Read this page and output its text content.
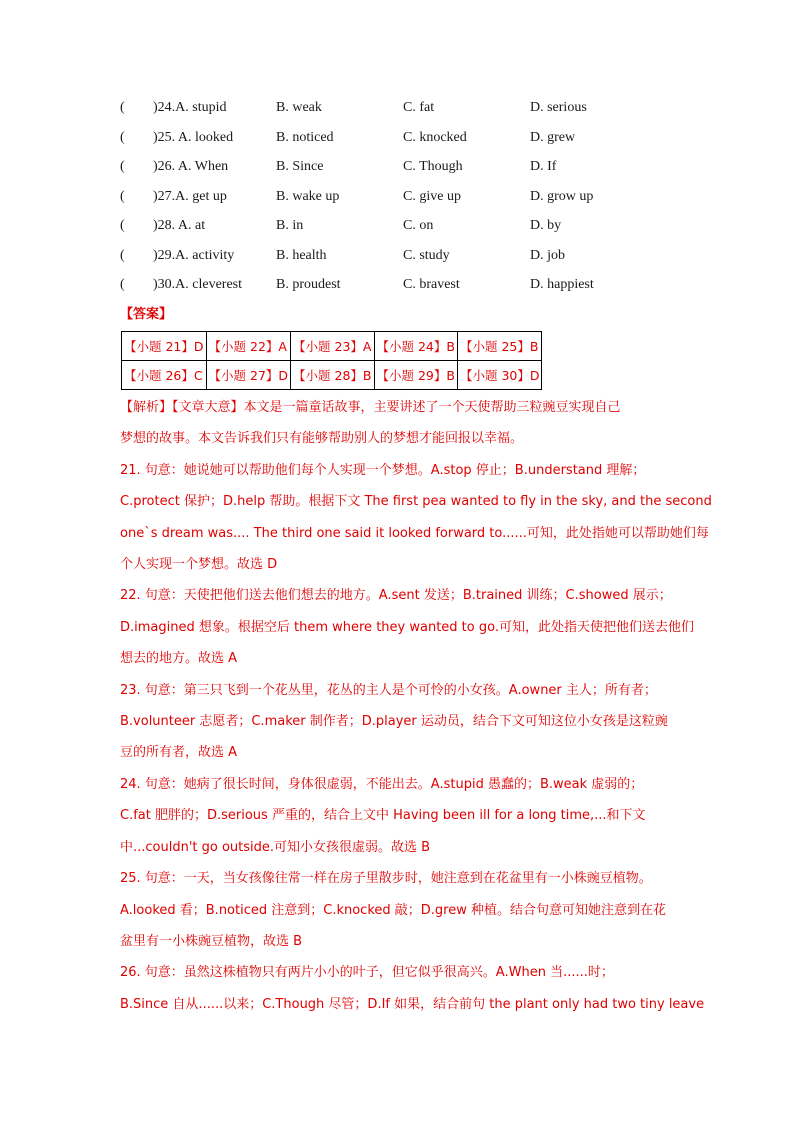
( )24.A. stupid	B. weak	C. fat	D. serious
( )25. A. looked	B. noticed	C. knocked	D. grew
( )26. A. When	B. Since	C. Though	D. If
( )27.A. get up	B. wake up	C. give up	D. grow up
( )28. A. at	B. in	C. on	D. by
( )29.A. activity	B. health	C. study	D. job
( )30.A. cleverest B. proudest	C. bravest	D. happiest
【答案】
【小题 21】D	【小题 22】A	【小题 23】A	【小题 24】B	【小题 25】B
【小题 26】C	【小题 27】D	【小题 28】B	【小题 29】B	【小题 30】D

【解析】【文章大意】本文是一篇童话故事，主要讲述了一个天使帮助三粒豌豆实现自己

梦想的故事。本文告诉我们只有能够帮助别人的梦想才能回报以幸福。

21. 句意：她说她可以帮助他们每个人实现一个梦想。A.stop 停止；B.understand 理解；

C.protect 保护；D.help 帮助。根据下文 The first pea wanted to fly in the sky, and the second

one`s dream was.... The third one said it looked forward to......可知，此处指她可以帮助她们每

个人实现一个梦想。故选 D

22. 句意：天使把他们送去他们想去的地方。A.sent 发送；B.trained 训练；C.showed 展示；

D.imagined 想象。根据空后 them where they wanted to go.可知，此处指天使把他们送去他们

想去的地方。故选 A

23. 句意：第三只飞到一个花丛里，花丛的主人是个可怜的小女孩。A.owner 主人；所有者；

B.volunteer 志愿者；C.maker 制作者；D.player 运动员，结合下文可知这位小女孩是这粒豌

豆的所有者，故选 A

24. 句意：她病了很长时间，身体很虚弱，不能出去。A.stupid 愚蠢的；B.weak 虚弱的；

C.fat 肥胖的；D.serious 严重的，结合上文中 Having been ill for a long time,...和下文

中...couldn't go outside.可知小女孩很虚弱。故选 B

25. 句意：一天，当女孩像往常一样在房子里散步时，她注意到在花盆里有一小株豌豆植物。

A.looked 看；B.noticed 注意到；C.knocked 敲；D.grew 种植。结合句意可知她注意到在花

盆里有一小株豌豆植物，故选 B

26. 句意：虽然这株植物只有两片小小的叶子，但它似乎很高兴。A.When 当......时；

B.Since 自从......以来；C.Though 尽管；D.If 如果，结合前句 the plant only had two tiny leave
